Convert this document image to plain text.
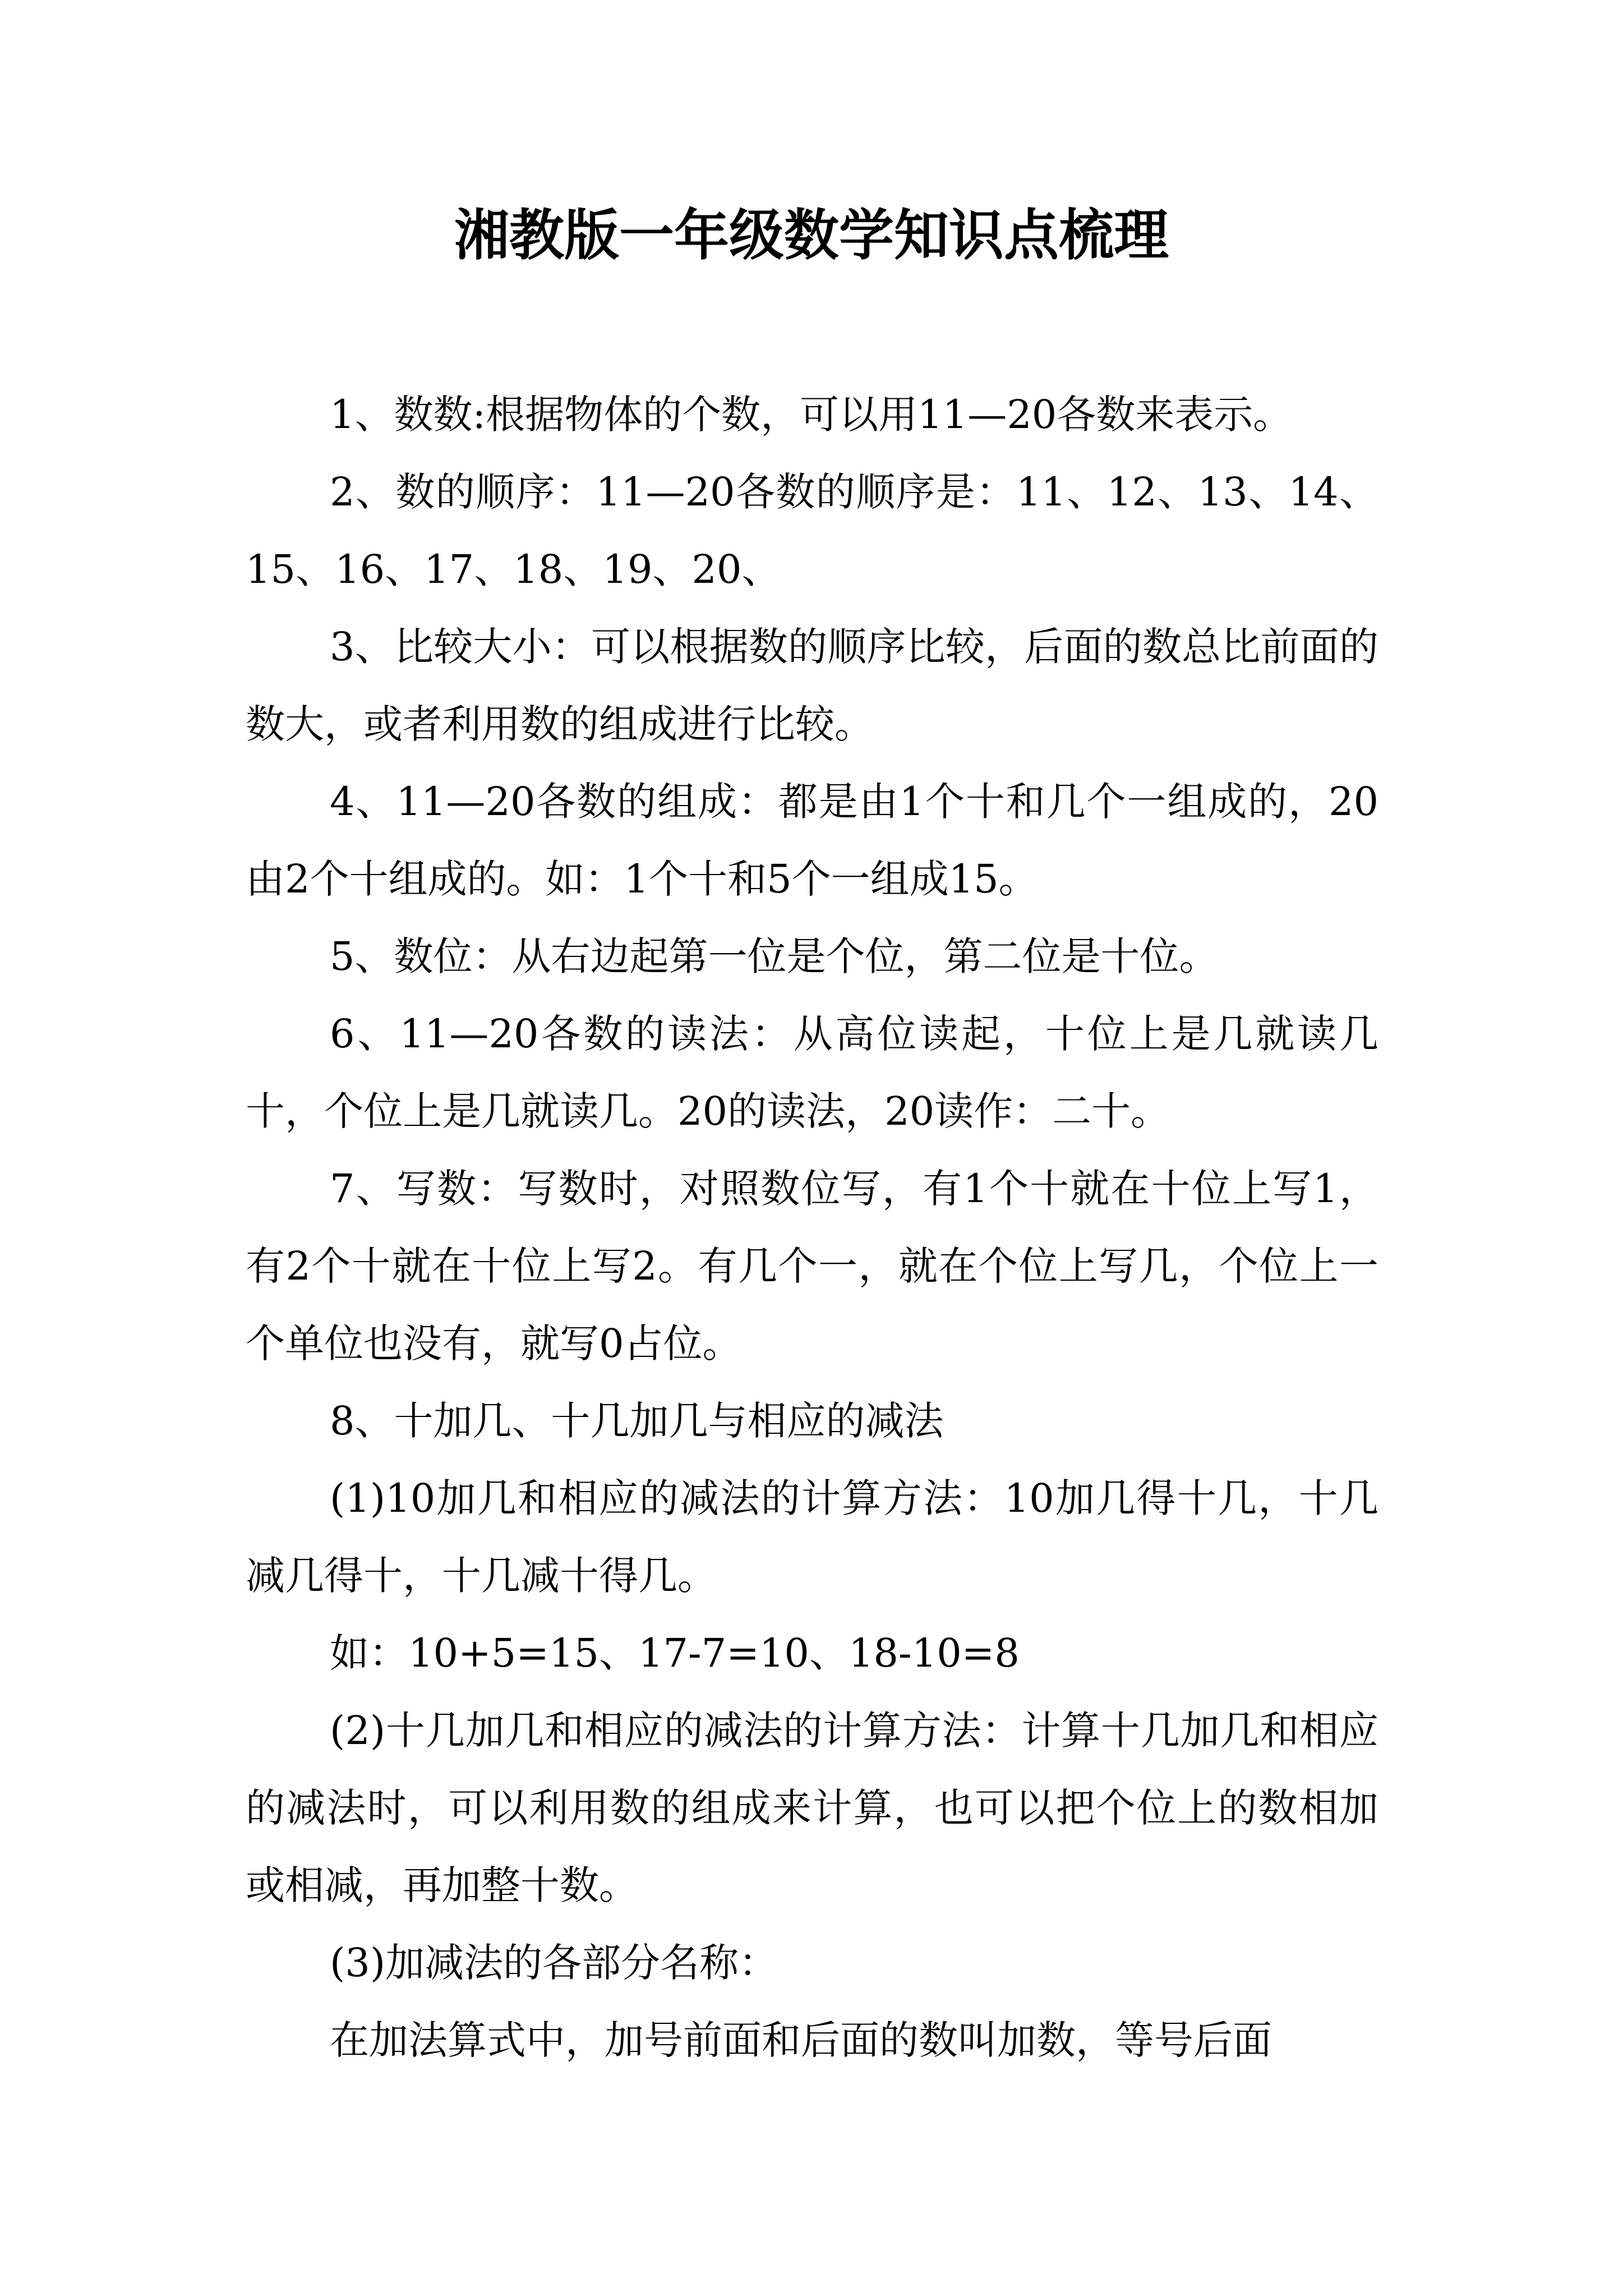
湘教版一年级数学知识点梳理

1、数数:根据物体的个数，可以用11—20各数来表示。

2、数的顺序：11—20各数的顺序是：11、12、13、14、15、16、17、18、19、20、

3、比较大小：可以根据数的顺序比较，后面的数总比前面的数大，或者利用数的组成进行比较。

4、11—20各数的组成：都是由1个十和几个一组成的，20由2个十组成的。如：1个十和5个一组成15。

5、数位：从右边起第一位是个位，第二位是十位。

6、11—20各数的读法：从高位读起，十位上是几就读几十，个位上是几就读几。20的读法，20读作：二十。

7、写数：写数时，对照数位写，有1个十就在十位上写1，有2个十就在十位上写2。有几个一，就在个位上写几，个位上一个单位也没有，就写0占位。

8、十加几、十几加几与相应的减法

(1)10加几和相应的减法的计算方法：10加几得十几，十几减几得十，十几减十得几。

如：10+5=15、17-7=10、18-10=8

(2)十几加几和相应的减法的计算方法：计算十几加几和相应的减法时，可以利用数的组成来计算，也可以把个位上的数相加或相减，再加整十数。

(3)加减法的各部分名称：

在加法算式中，加号前面和后面的数叫加数，等号后面
